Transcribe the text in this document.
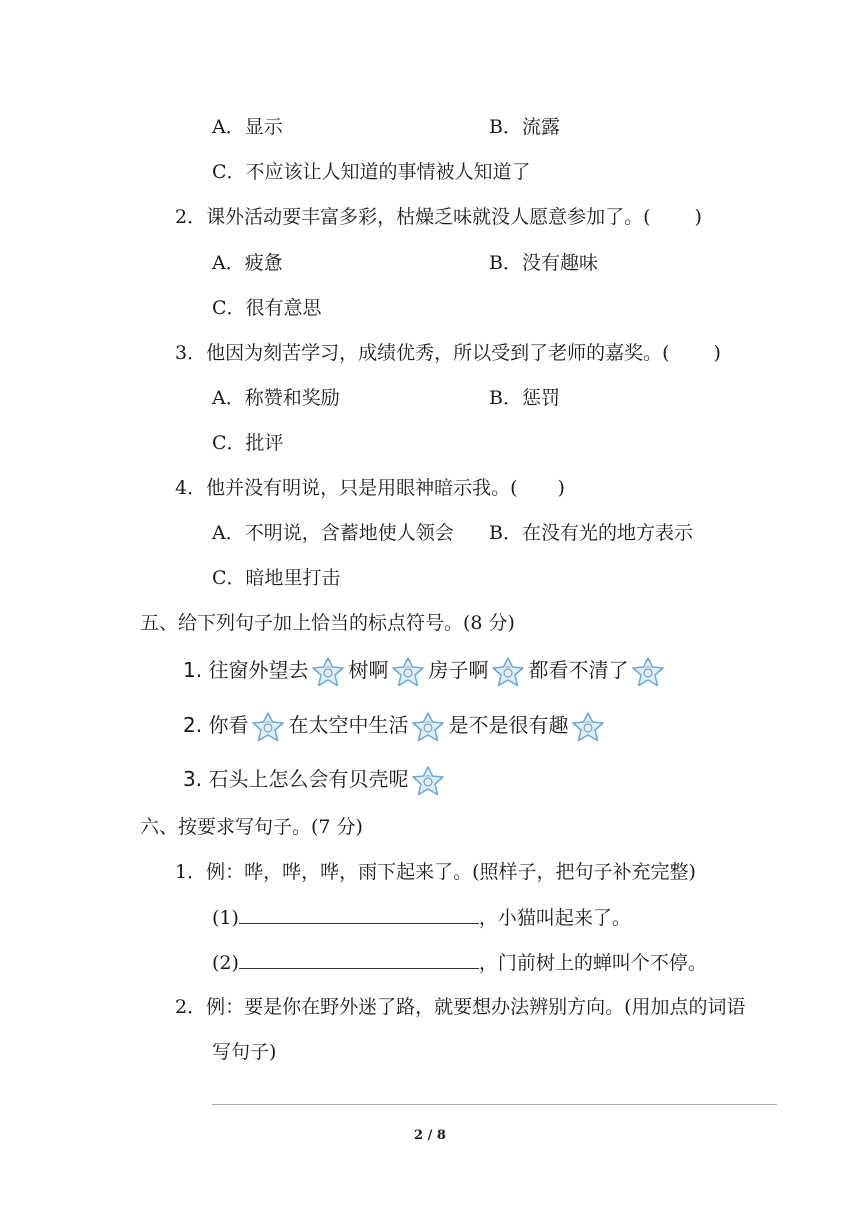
A．显示	B．流露
C．不应该让人知道的事情被人知道了
2．课外活动要丰富多彩，枯燥乏味就没人愿意参加了。( )
A．疲惫	B．没有趣味
C．很有意思
3．他因为刻苦学习，成绩优秀，所以受到了老师的嘉奖。( )
A．称赞和奖励	B．惩罚
C．批评
4．他并没有明说，只是用眼神暗示我。( )
A．不明说，含蓄地使人领会 B．在没有光的地方表示
C．暗地里打击
五、给下列句子加上恰当的标点符号。(8 分)
1. 往窗外望去 树啊 房子啊 都看不清了
2. 你看 在太空中生活 是不是很有趣
3. 石头上怎么会有贝壳呢
六、按要求写句子。(7 分)
1．例：哗，哗，哗，雨下起来了。(照样子，把句子补充完整)
(1)	，小猫叫起来了。
(2)	，门前树上的蝉叫个不停。
2．例：要是你在野外迷了路，就要想办法辨别方向。(用加点的词语
写句子)
2 / 8
